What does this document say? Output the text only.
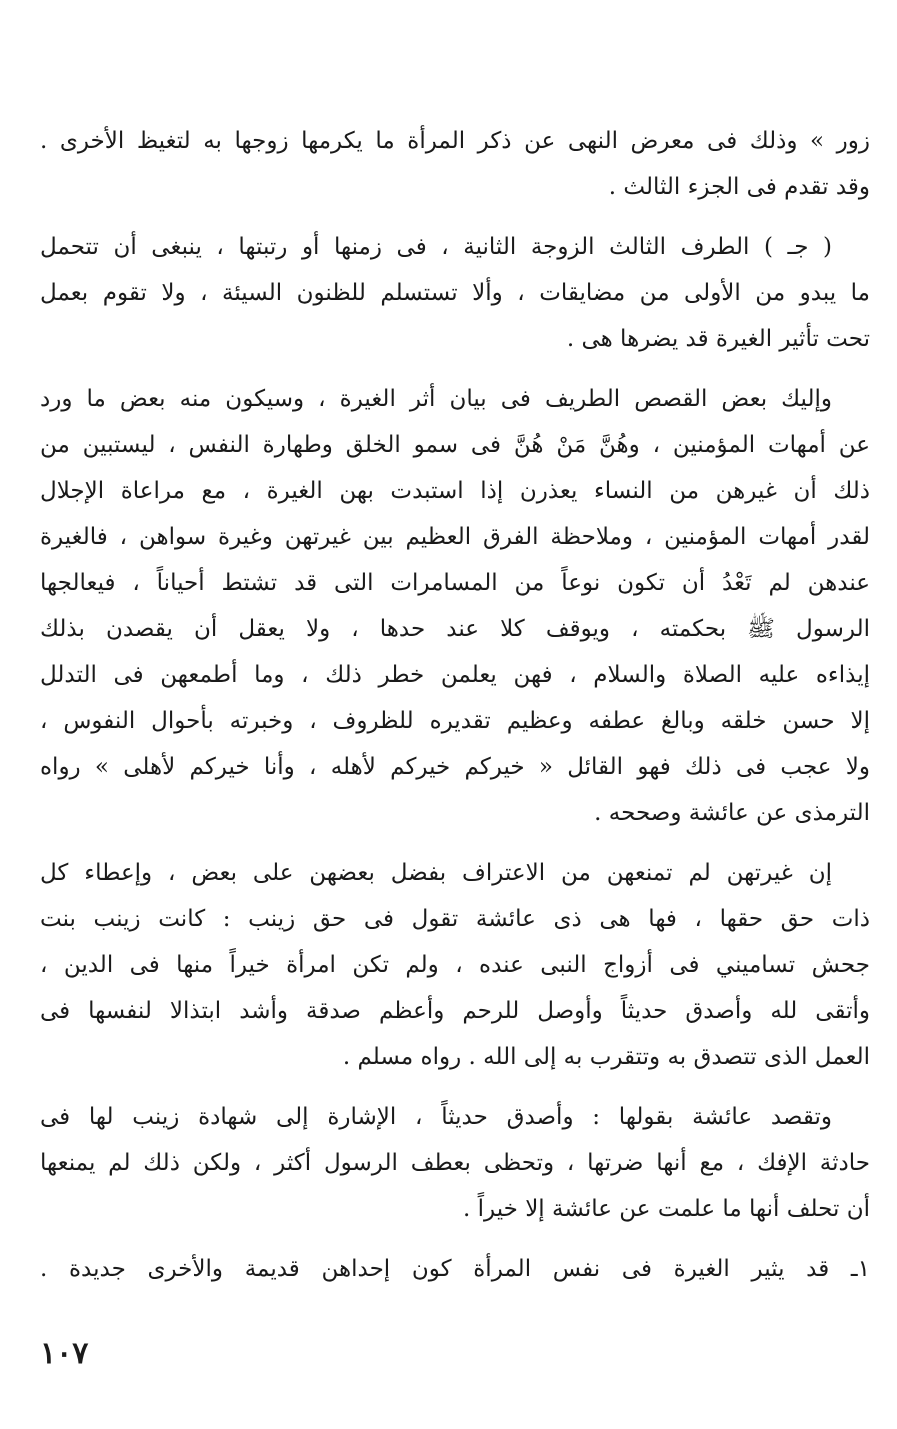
زور » وذلك فى معرض النهى عن ذكر المرأة ما يكرمها زوجها به لتغيظ الأخرى .
وقد تقدم فى الجزء الثالث .
( جـ ) الطرف الثالث الزوجة الثانية ، فى زمنها أو رتبتها ، ينبغى أن تتحمل
ما يبدو من الأولى من مضايقات ، وألا تستسلم للظنون السيئة ، ولا تقوم بعمل
تحت تأثير الغيرة قد يضرها هى .
وإليك بعض القصص الطريف فى بيان أثر الغيرة ، وسيكون منه بعض ما ورد
عن أمهات المؤمنين ، وهُنَّ مَنْ هُنَّ فى سمو الخلق وطهارة النفس ، ليستبين من
ذلك أن غيرهن من النساء يعذرن إذا استبدت بهن الغيرة ، مع مراعاة الإجلال
لقدر أمهات المؤمنين ، وملاحظة الفرق العظيم بين غيرتهن وغيرة سواهن ، فالغيرة
عندهن لم تَعْدُ أن تكون نوعاً من المسامرات التى قد تشتط أحياناً ، فيعالجها
الرسول ﷺ بحكمته ، ويوقف كلا عند حدها ، ولا يعقل أن يقصدن بذلك
إيذاءه عليه الصلاة والسلام ، فهن يعلمن خطر ذلك ، وما أطمعهن فى التدلل
إلا حسن خلقه وبالغ عطفه وعظيم تقديره للظروف ، وخبرته بأحوال النفوس ،
ولا عجب فى ذلك فهو القائل « خيركم خيركم لأهله ، وأنا خيركم لأهلى » رواه
الترمذى عن عائشة وصححه .
إن غيرتهن لم تمنعهن من الاعتراف بفضل بعضهن على بعض ، وإعطاء كل
ذات حق حقها ، فها هى ذى عائشة تقول فى حق زينب : كانت زينب بنت
جحش تساميني فى أزواج النبى عنده ، ولم تكن امرأة خيراً منها فى الدين ،
وأتقى لله وأصدق حديثاً وأوصل للرحم وأعظم صدقة وأشد ابتذالا لنفسها فى
العمل الذى تتصدق به وتتقرب به إلى الله . رواه مسلم .
وتقصد عائشة بقولها : وأصدق حديثاً ، الإشارة إلى شهادة زينب لها فى
حادثة الإفك ، مع أنها ضرتها ، وتحظى بعطف الرسول أكثر ، ولكن ذلك لم يمنعها
أن تحلف أنها ما علمت عن عائشة إلا خيراً .
١ـ قد يثير الغيرة فى نفس المرأة كون إحداهن قديمة والأخرى جديدة .
١٠٧
